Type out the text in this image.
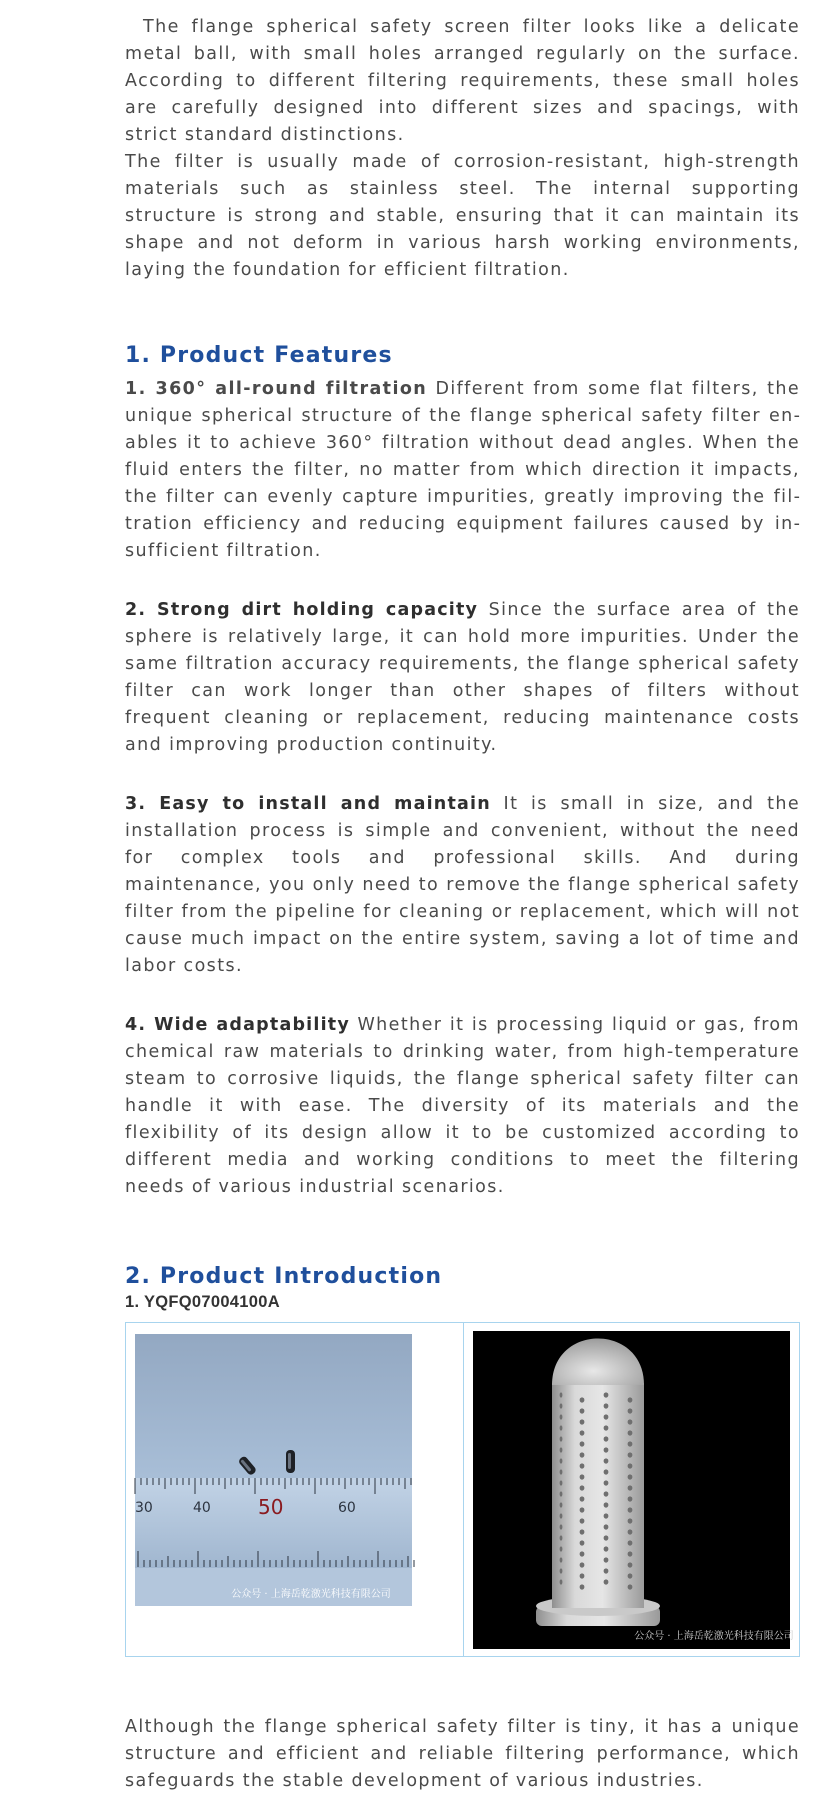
The flange spherical safety screen filter looks like a delicate metal ball, with small holes arranged regularly on the surface. According to different filtering requirements, these small holes are carefully designed into different sizes and spacings, with strict standard distinctions.

The filter is usually made of corrosion-resistant, high-strength materials such as stainless steel. The internal supporting structure is strong and stable, ensuring that it can maintain its shape and not deform in various harsh working environments, laying the foundation for efficient filtration.

1. Product Features

1. 360° all-round filtration Different from some flat filters, the unique spherical structure of the flange spherical safety filter enables it to achieve 360° filtration without dead angles. When the fluid enters the filter, no matter from which direction it impacts, the filter can evenly capture impurities, greatly improving the filtration efficiency and reducing equipment failures caused by insufficient filtration.

2. Strong dirt holding capacity Since the surface area of the sphere is relatively large, it can hold more impurities. Under the same filtration accuracy requirements, the flange spherical safety filter can work longer than other shapes of filters without frequent cleaning or replacement, reducing maintenance costs and improving production continuity.

3. Easy to install and maintain It is small in size, and the installation process is simple and convenient, without the need for complex tools and professional skills. And during maintenance, you only need to remove the flange spherical safety filter from the pipeline for cleaning or replacement, which will not cause much impact on the entire system, saving a lot of time and labor costs.

4. Wide adaptability Whether it is processing liquid or gas, from chemical raw materials to drinking water, from high-temperature steam to corrosive liquids, the flange spherical safety filter can handle it with ease. The diversity of its materials and the flexibility of its design allow it to be customized according to different media and working conditions to meet the filtering needs of various industrial scenarios.

2. Product Introduction
1. YQFQ07004100A
30	40 50	60
公众号 · 上海岳乾激光科技有限公司
公众号 · 上海岳乾激光科技有限公司

Although the flange spherical safety filter is tiny, it has a unique structure and efficient and reliable filtering performance, which safeguards the stable development of various industries.
